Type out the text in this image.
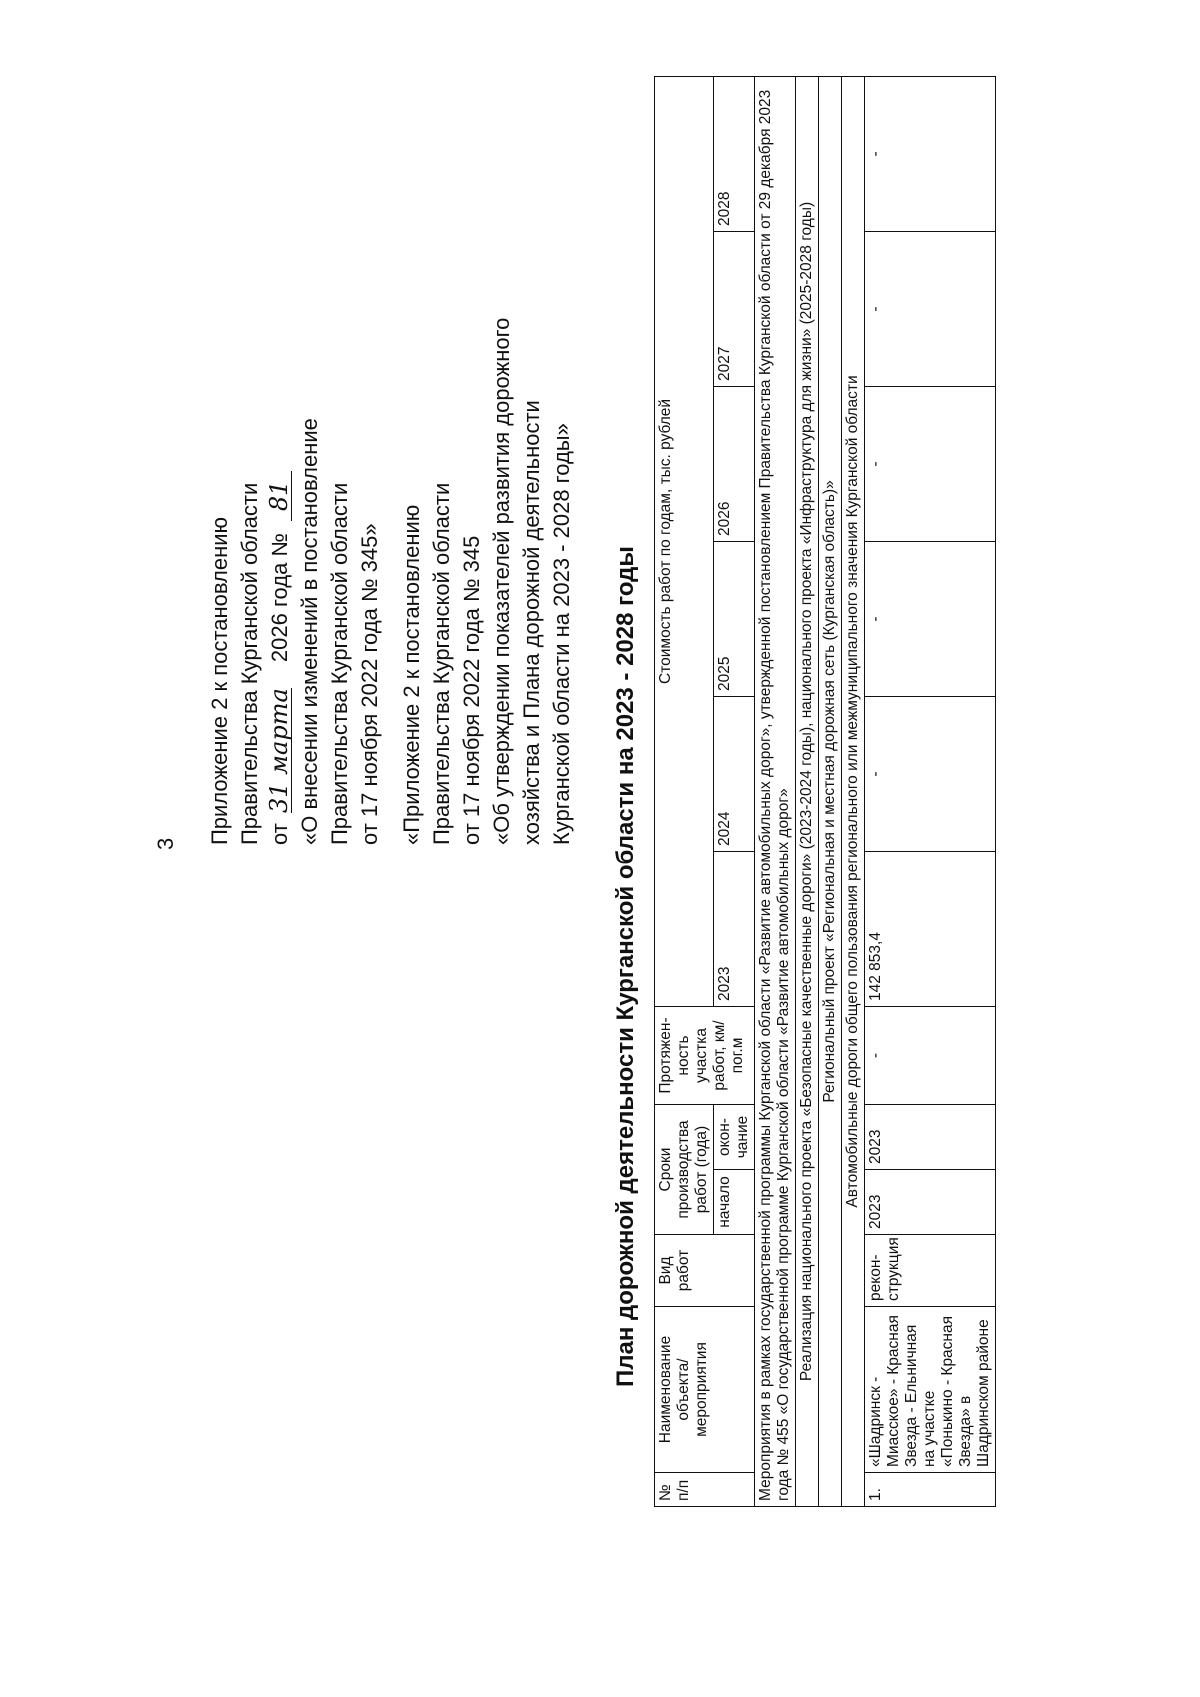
3 Приложение 2 к постановлению Правительства Курганской области от 31 марта 2026 года № 81 «О внесении изменений в постановление Правительства Курганской области от 17 ноября 2022 года № 345» «Приложение 2 к постановлению Правительства Курганской области от 17 ноября 2022 года № 345 «Об утверждении показателей развития дорожного хозяйства и Плана дорожной деятельности Курганской области на 2023 - 2028 годы» План дорожной деятельности Курганской области на 2023 - 2028 годы
№ п/п	Наименование объекта/ мероприятия	Вид работ	Сроки производства работ (года)		Протяжен- ность участка работ, км/пог.м	Стоимость работ по годам, тыс. рублей					
			начало	окон- чание		2023	2024	2025	2026	2027	2028

Мероприятия в рамках государственной программы Курганской области «Развитие автомобильных дорог», утвержденной постановлением Правительства Курганской области от 29 декабря 2023 года № 455 «О государственной программе Курганской области «Развитие автомобильных дорог»											
Реализация национального проекта «Безопасные качественные дороги» (2023-2024 годы), национального проекта «Инфраструктура для жизни» (2025-2028 годы)											
Региональный проект «Региональная и местная дорожная сеть (Курганская область)»											
Автомобильные дороги общего пользования регионального или межмуниципального значения Курганской области											
1.	«Шадринск - Миасское» - Красная Звезда - Ельничная на участке «Понькино - Красная Звезда» в Шадринском районе	рекон- струкция	2023	2023	-	142 853,4	-	-	-	-	-
